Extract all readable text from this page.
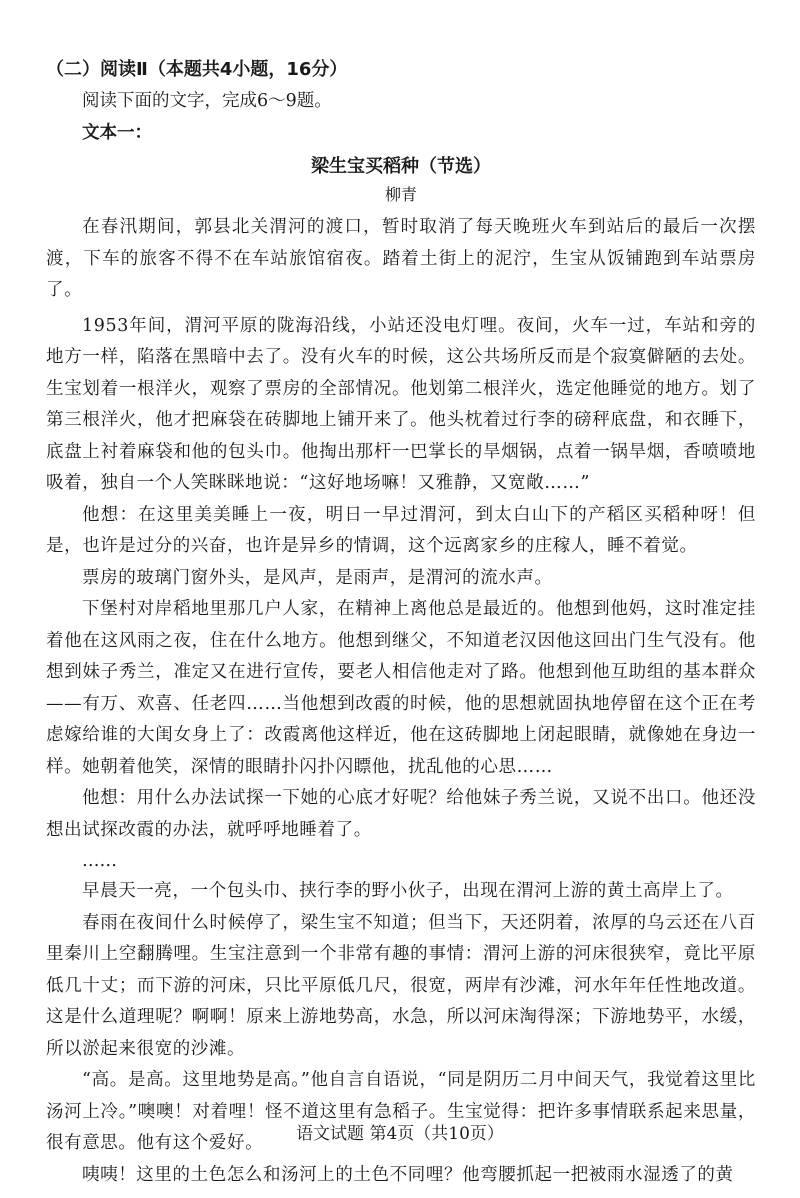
（二）阅读Ⅱ（本题共4小题，16分）

阅读下面的文字，完成6～9题。

文本一：

梁生宝买稻种（节选）

柳青

在春汛期间，郭县北关渭河的渡口，暂时取消了每天晚班火车到站后的最后一次摆渡，下车的旅客不得不在车站旅馆宿夜。踏着土街上的泥泞，生宝从饭铺跑到车站票房了。

1953年间，渭河平原的陇海沿线，小站还没电灯哩。夜间，火车一过，车站和旁的地方一样，陷落在黑暗中去了。没有火车的时候，这公共场所反而是个寂寞僻陋的去处。生宝划着一根洋火，观察了票房的全部情况。他划第二根洋火，选定他睡觉的地方。划了第三根洋火，他才把麻袋在砖脚地上铺开来了。他头枕着过行李的磅秤底盘，和衣睡下，底盘上衬着麻袋和他的包头巾。他掏出那杆一巴掌长的旱烟锅，点着一锅旱烟，香喷喷地吸着，独自一个人笑眯眯地说：“这好地场嘛！又雅静，又宽敞……”

他想：在这里美美睡上一夜，明日一早过渭河，到太白山下的产稻区买稻种呀！但是，也许是过分的兴奋，也许是异乡的情调，这个远离家乡的庄稼人，睡不着觉。

票房的玻璃门窗外头，是风声，是雨声，是渭河的流水声。

下堡村对岸稻地里那几户人家，在精神上离他总是最近的。他想到他妈，这时准定挂着他在这风雨之夜，住在什么地方。他想到继父，不知道老汉因他这回出门生气没有。他想到妹子秀兰，准定又在进行宣传，要老人相信他走对了路。他想到他互助组的基本群众——有万、欢喜、任老四……当他想到改霞的时候，他的思想就固执地停留在这个正在考虑嫁给谁的大闺女身上了：改霞离他这样近，他在这砖脚地上闭起眼睛，就像她在身边一样。她朝着他笑，深情的眼睛扑闪扑闪瞟他，扰乱他的心思……

他想：用什么办法试探一下她的心底才好呢？给他妹子秀兰说，又说不出口。他还没想出试探改霞的办法，就呼呼地睡着了。

……

早晨天一亮，一个包头巾、挟行李的野小伙子，出现在渭河上游的黄土高岸上了。

春雨在夜间什么时候停了，梁生宝不知道；但当下，天还阴着，浓厚的乌云还在八百里秦川上空翻腾哩。生宝注意到一个非常有趣的事情：渭河上游的河床很狭窄，竟比平原低几十丈；而下游的河床，只比平原低几尺，很宽，两岸有沙滩，河水年年任性地改道。这是什么道理呢？啊啊！原来上游地势高，水急，所以河床淘得深；下游地势平，水缓，所以淤起来很宽的沙滩。

“高。是高。这里地势是高。”他自言自语说，“同是阴历二月中间天气，我觉着这里比汤河上冷。”噢噢！对着哩！怪不道这里有急稻子。生宝觉得：把许多事情联系起来思量，很有意思。他有这个爱好。

咦咦！这里的土色怎么和汤河上的土色不同哩？他弯腰抓起一把被雨水湿透了的黄

语文试题 第4页（共10页）
